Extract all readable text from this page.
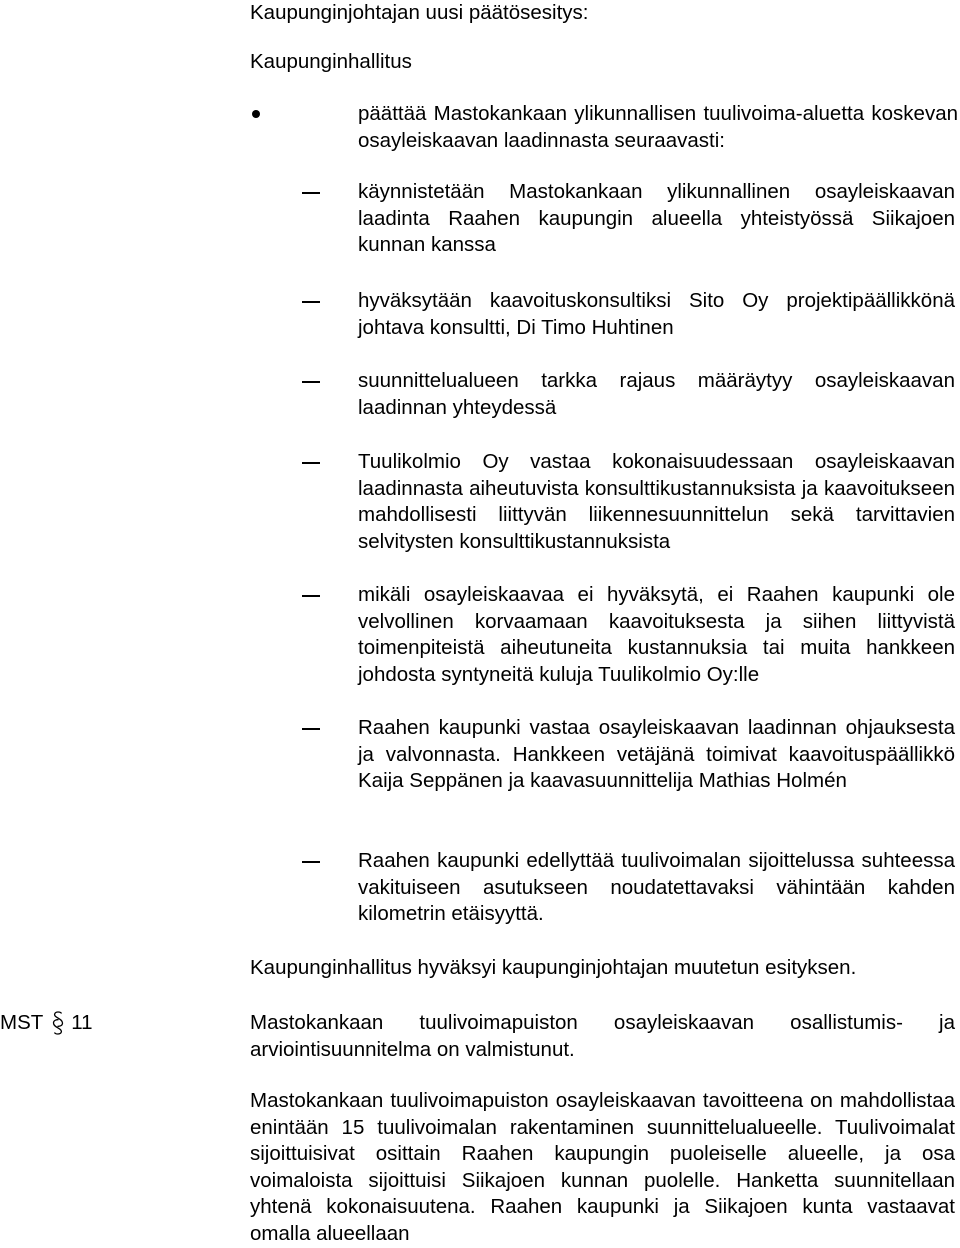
Kaupunginjohtajan uusi päätösesitys:

Kaupunginhallitus

päättää Mastokankaan ylikunnallisen tuulivoima-aluetta koskevan osayleiskaavan laadinnasta seuraavasti:
käynnistetään Mastokankaan ylikunnallinen osayleiskaavan laadinta Raahen kaupungin alueella yhteistyössä Siikajoen kunnan kanssa
hyväksytään kaavoituskonsultiksi Sito Oy projektipäällikkönä johtava konsultti, Di Timo Huhtinen
suunnittelualueen tarkka rajaus määräytyy osayleiskaavan laadinnan yhteydessä
Tuulikolmio Oy vastaa kokonaisuudessaan osayleiskaavan laadinnasta aiheutuvista konsulttikustannuksista ja kaavoitukseen mahdollisesti liittyvän liikennesuunnittelun sekä tarvittavien selvitysten konsulttikustannuksista
mikäli osayleiskaavaa ei hyväksytä, ei Raahen kaupunki ole velvollinen korvaamaan kaavoituksesta ja siihen liittyvistä toimenpiteistä aiheutuneita kustannuksia tai muita hankkeen johdosta syntyneitä kuluja Tuulikolmio Oy:lle
Raahen kaupunki vastaa osayleiskaavan laadinnan ohjauksesta ja valvonnasta. Hankkeen vetäjänä toimivat kaavoituspäällikkö Kaija Seppänen ja kaavasuunnittelija Mathias Holmén
Raahen kaupunki edellyttää tuulivoimalan sijoittelussa suhteessa vakituiseen asutukseen noudatettavaksi vähintään kahden kilometrin etäisyyttä.

Kaupunginhallitus hyväksyi kaupunginjohtajan muutetun esityksen.

MST 11	Mastokankaan tuulivoimapuiston osayleiskaavan osallistumis- ja arviointisuunnitelma on valmistunut.

Mastokankaan tuulivoimapuiston osayleiskaavan tavoitteena on mahdollistaa enintään 15 tuulivoimalan rakentaminen suunnittelualueelle. Tuulivoimalat sijoittuisivat osittain Raahen kaupungin puoleiselle alueelle, ja osa voimaloista sijoittuisi Siikajoen kunnan puolelle. Hanketta suunnitellaan yhtenä kokonaisuutena. Raahen kaupunki ja Siikajoen kunta vastaavat omalla alueellaan
